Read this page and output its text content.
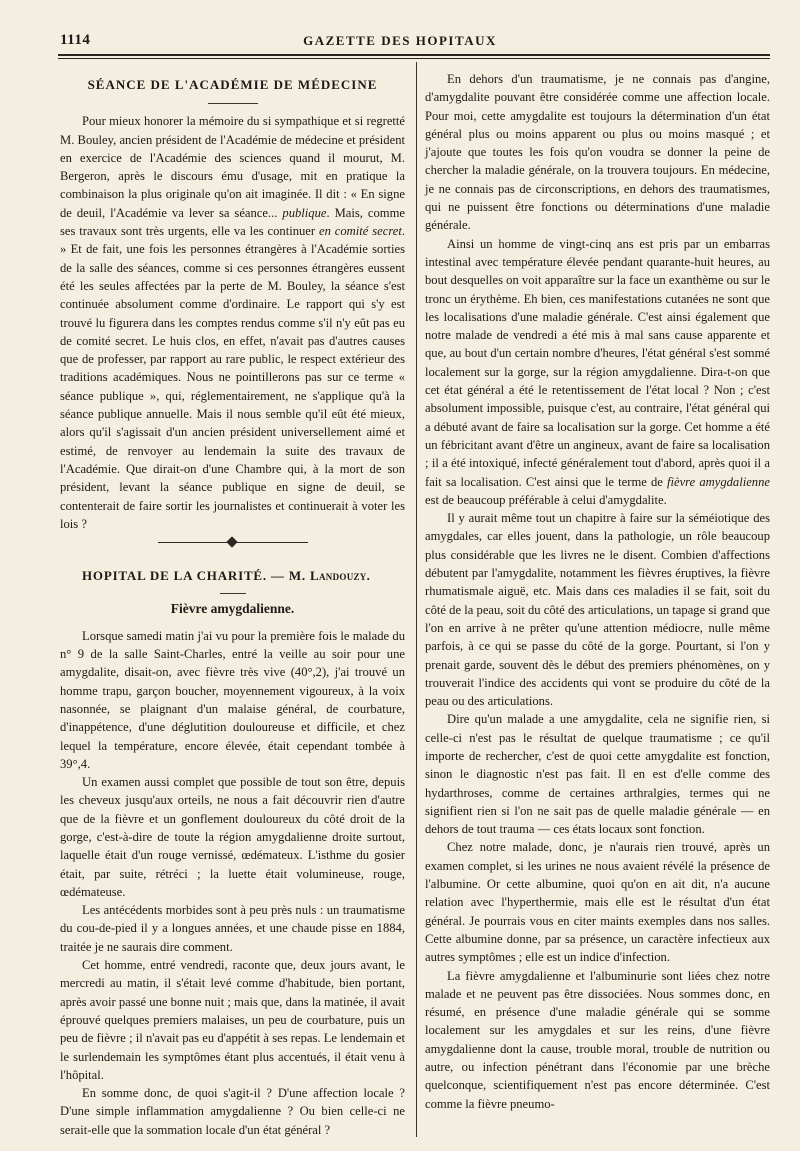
1114	GAZETTE DES HOPITAUX
SÉANCE DE L'ACADÉMIE DE MÉDECINE

Pour mieux honorer la mémoire du si sympathique et si regretté M. Bouley, ancien président de l'Académie de médecine et président en exercice de l'Académie des sciences quand il mourut, M. Bergeron, après le discours ému d'usage, mit en pratique la combinaison la plus originale qu'on ait imaginée. Il dit : « En signe de deuil, l'Académie va lever sa séance... publique. Mais, comme ses travaux sont très urgents, elle va les continuer en comité secret. » Et de fait, une fois les personnes étrangères à l'Académie sorties de la salle des séances, comme si ces personnes étrangères eussent été les seules affectées par la perte de M. Bouley, la séance s'est continuée absolument comme d'ordinaire. Le rapport qui s'y est trouvé lu figurera dans les comptes rendus comme s'il n'y eût pas eu de comité secret. Le huis clos, en effet, n'avait pas d'autres causes que de professer, par rapport au rare public, le respect extérieur des traditions académiques. Nous ne pointillerons pas sur ce terme « séance publique », qui, réglementairement, ne s'applique qu'à la séance publique annuelle. Mais il nous semble qu'il eût été mieux, alors qu'il s'agissait d'un ancien président universellement aimé et estimé, de renvoyer au lendemain la suite des travaux de l'Académie. Que dirait-on d'une Chambre qui, à la mort de son président, levant la séance publique en signe de deuil, se contenterait de faire sortir les journalistes et continuerait à voter les lois ?

HOPITAL DE LA CHARITÉ. — M. Landouzy.

Fièvre amygdalienne.

Lorsque samedi matin j'ai vu pour la première fois le malade du n° 9 de la salle Saint-Charles, entré la veille au soir pour une amygdalite, disait-on, avec fièvre très vive (40°,2), j'ai trouvé un homme trapu, garçon boucher, moyennement vigoureux, à la voix nasonnée, se plaignant d'un malaise général, de courbature, d'inappétence, d'une déglutition douloureuse et difficile, et chez lequel la température, encore élevée, était cependant tombée à 39°,4.

Un examen aussi complet que possible de tout son être, depuis les cheveux jusqu'aux orteils, ne nous a fait découvrir rien d'autre que de la fièvre et un gonflement douloureux du côté droit de la gorge, c'est-à-dire de toute la région amygdalienne droite surtout, laquelle était d'un rouge vernissé, œdémateux. L'isthme du gosier était, par suite, rétréci ; la luette était volumineuse, rouge, œdémateuse.

Les antécédents morbides sont à peu près nuls : un traumatisme du cou-de-pied il y a longues années, et une chaude pisse en 1884, traitée je ne saurais dire comment.

Cet homme, entré vendredi, raconte que, deux jours avant, le mercredi au matin, il s'était levé comme d'habitude, bien portant, après avoir passé une bonne nuit ; mais que, dans la matinée, il avait éprouvé quelques premiers malaises, un peu de courbature, puis un peu de fièvre ; il n'avait pas eu d'appétit à ses repas. Le lendemain et le surlendemain les symptômes étant plus accentués, il était venu à l'hôpital.

En somme donc, de quoi s'agit-il ? D'une affection locale ? D'une simple inflammation amygdalienne ? Ou bien celle-ci ne serait-elle que la sommation locale d'un état général ?

En dehors d'un traumatisme, je ne connais pas d'angine, d'amygdalite pouvant être considérée comme une affection locale. Pour moi, cette amygdalite est toujours la détermination d'un état général plus ou moins apparent ou plus ou moins masqué ; et j'ajoute que toutes les fois qu'on voudra se donner la peine de chercher la maladie générale, on la trouvera toujours. En médecine, je ne connais pas de circonscriptions, en dehors des traumatismes, qui ne puissent être fonctions ou déterminations d'une maladie générale.

Ainsi un homme de vingt-cinq ans est pris par un embarras intestinal avec température élevée pendant quarante-huit heures, au bout desquelles on voit apparaître sur la face un exanthème ou sur le tronc un érythème. Eh bien, ces manifestations cutanées ne sont que les localisations d'une maladie générale. C'est ainsi également que notre malade de vendredi a été mis à mal sans cause apparente et que, au bout d'un certain nombre d'heures, l'état général s'est sommé localement sur la gorge, sur la région amygdalienne. Dira-t-on que cet état général a été le retentissement de l'état local ? Non ; c'est absolument impossible, puisque c'est, au contraire, l'état général qui a débuté avant de faire sa localisation sur la gorge. Cet homme a été un fébricitant avant d'être un angineux, avant de faire sa localisation ; il a été intoxiqué, infecté généralement tout d'abord, après quoi il a fait sa localisation. C'est ainsi que le terme de fièvre amygdalienne est de beaucoup préférable à celui d'amygdalite.

Il y aurait même tout un chapitre à faire sur la séméiotique des amygdales, car elles jouent, dans la pathologie, un rôle beaucoup plus considérable que les livres ne le disent. Combien d'affections débutent par l'amygdalite, notamment les fièvres éruptives, la fièvre rhumatismale aiguë, etc. Mais dans ces maladies il se fait, soit du côté de la peau, soit du côté des articulations, un tapage si grand que l'on en arrive à ne prêter qu'une attention médiocre, nulle même parfois, à ce qui se passe du côté de la gorge. Pourtant, si l'on y prenait garde, souvent dès le début des premiers phénomènes, on y trouverait l'indice des accidents qui vont se produire du côté de la peau ou des articulations.

Dire qu'un malade a une amygdalite, cela ne signifie rien, si celle-ci n'est pas le résultat de quelque traumatisme ; ce qu'il importe de rechercher, c'est de quoi cette amygdalite est fonction, sinon le diagnostic n'est pas fait. Il en est d'elle comme des hydarthroses, comme de certaines arthralgies, termes qui ne signifient rien si l'on ne sait pas de quelle maladie générale — en dehors de tout trauma — ces états locaux sont fonction.

Chez notre malade, donc, je n'aurais rien trouvé, après un examen complet, si les urines ne nous avaient révélé la présence de l'albumine. Or cette albumine, quoi qu'on en ait dit, n'a aucune relation avec l'hyperthermie, mais elle est le résultat d'un état général. Je pourrais vous en citer maints exemples dans nos salles. Cette albumine donne, par sa présence, un caractère infectieux aux autres symptômes ; elle est un indice d'infection.

La fièvre amygdalienne et l'albuminurie sont liées chez notre malade et ne peuvent pas être dissociées. Nous sommes donc, en résumé, en présence d'une maladie générale qui se somme localement sur les amygdales et sur les reins, d'une fièvre amygdalienne dont la cause, trouble moral, trouble de nutrition ou autre, ou infection pénétrant dans l'économie par une brèche quelconque, scientifiquement n'est pas encore déterminée. C'est comme la fièvre pneumo-
